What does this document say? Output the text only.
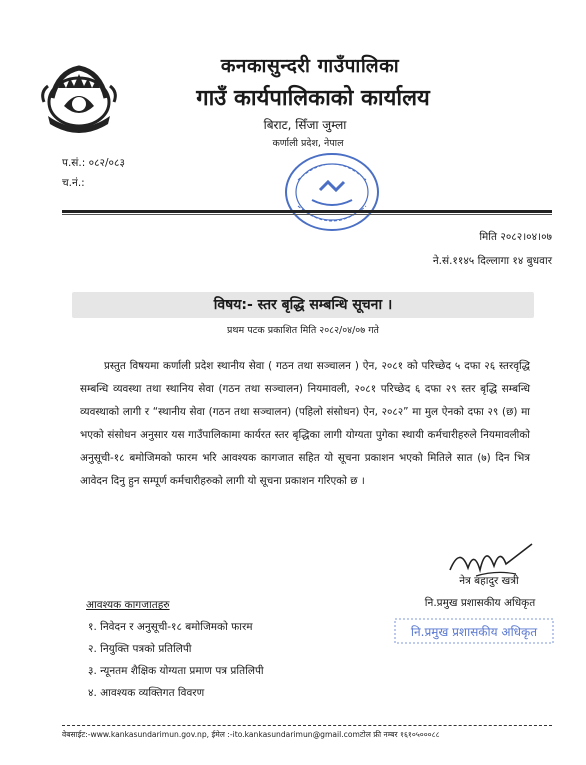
कनकासुन्दरी गाउँपालिका
गाउँ कार्यपालिकाको कार्यालय
बिराट, सिँजा जुम्ला
कर्णाली प्रदेश, नेपाल
प.सं.: ०८२/०८३
च.नं.:
मिति २०८२।०४।०७
ने.सं.११४५ दिल्लागा १४ बुधवार
विषय:- स्तर बृद्धि सम्बन्धि सूचना ।
प्रथम पटक प्रकाशित मिति २०८२/०४/०७ गते
प्रस्तुत विषयमा कर्णाली प्रदेश स्थानीय सेवा ( गठन तथा सञ्चालन ) ऐन, २०८१ को परिच्छेद ५ दफा २६ स्तरवृद्धि सम्बन्धि व्यवस्था तथा स्थानिय सेवा (गठन तथा सञ्चालन) नियमावली, २०८१ परिच्छेद ६ दफा २९ स्तर बृद्धि सम्बन्धि व्यवस्थाको लागी र “स्थानीय सेवा (गठन तथा सञ्चालन) (पहिलो संसोधन) ऐन, २०८२” मा मुल ऐनको दफा २९ (छ) मा भएको संसोधन अनुसार यस गाउँपालिकामा कार्यरत स्तर बृद्धिका लागी योग्यता पुगेका स्थायी कर्मचारीहरुले नियमावलीको अनुसूची-१८ बमोजिमको फारम भरि आवश्यक कागजात सहित यो सूचना प्रकाशन भएको मितिले सात (७) दिन भित्र आवेदन दिनु हुन सम्पूर्ण कर्मचारीहरुको लागी यो सूचना प्रकाशन गरिएको छ ।
नेत्र बहादुर खत्री
नि.प्रमुख प्रशासकीय अधिकृत
नि.प्रमुख प्रशासकीय अधिकृत
आवश्यक कागजातहरु
१. निवेदन र अनुसूची-१८ बमोजिमको फारम
२. नियुक्ति पत्रको प्रतिलिपी
३. न्यूनतम शैक्षिक योग्यता प्रमाण पत्र प्रतिलिपी
४. आवश्यक व्यक्तिगत विवरण
वेबसाईट:-www.kankasundarimun.gov.np, ईमेल :-ito.kankasundarimun@gmail.comटोल फ्री नम्बर १६१०५०००८८
